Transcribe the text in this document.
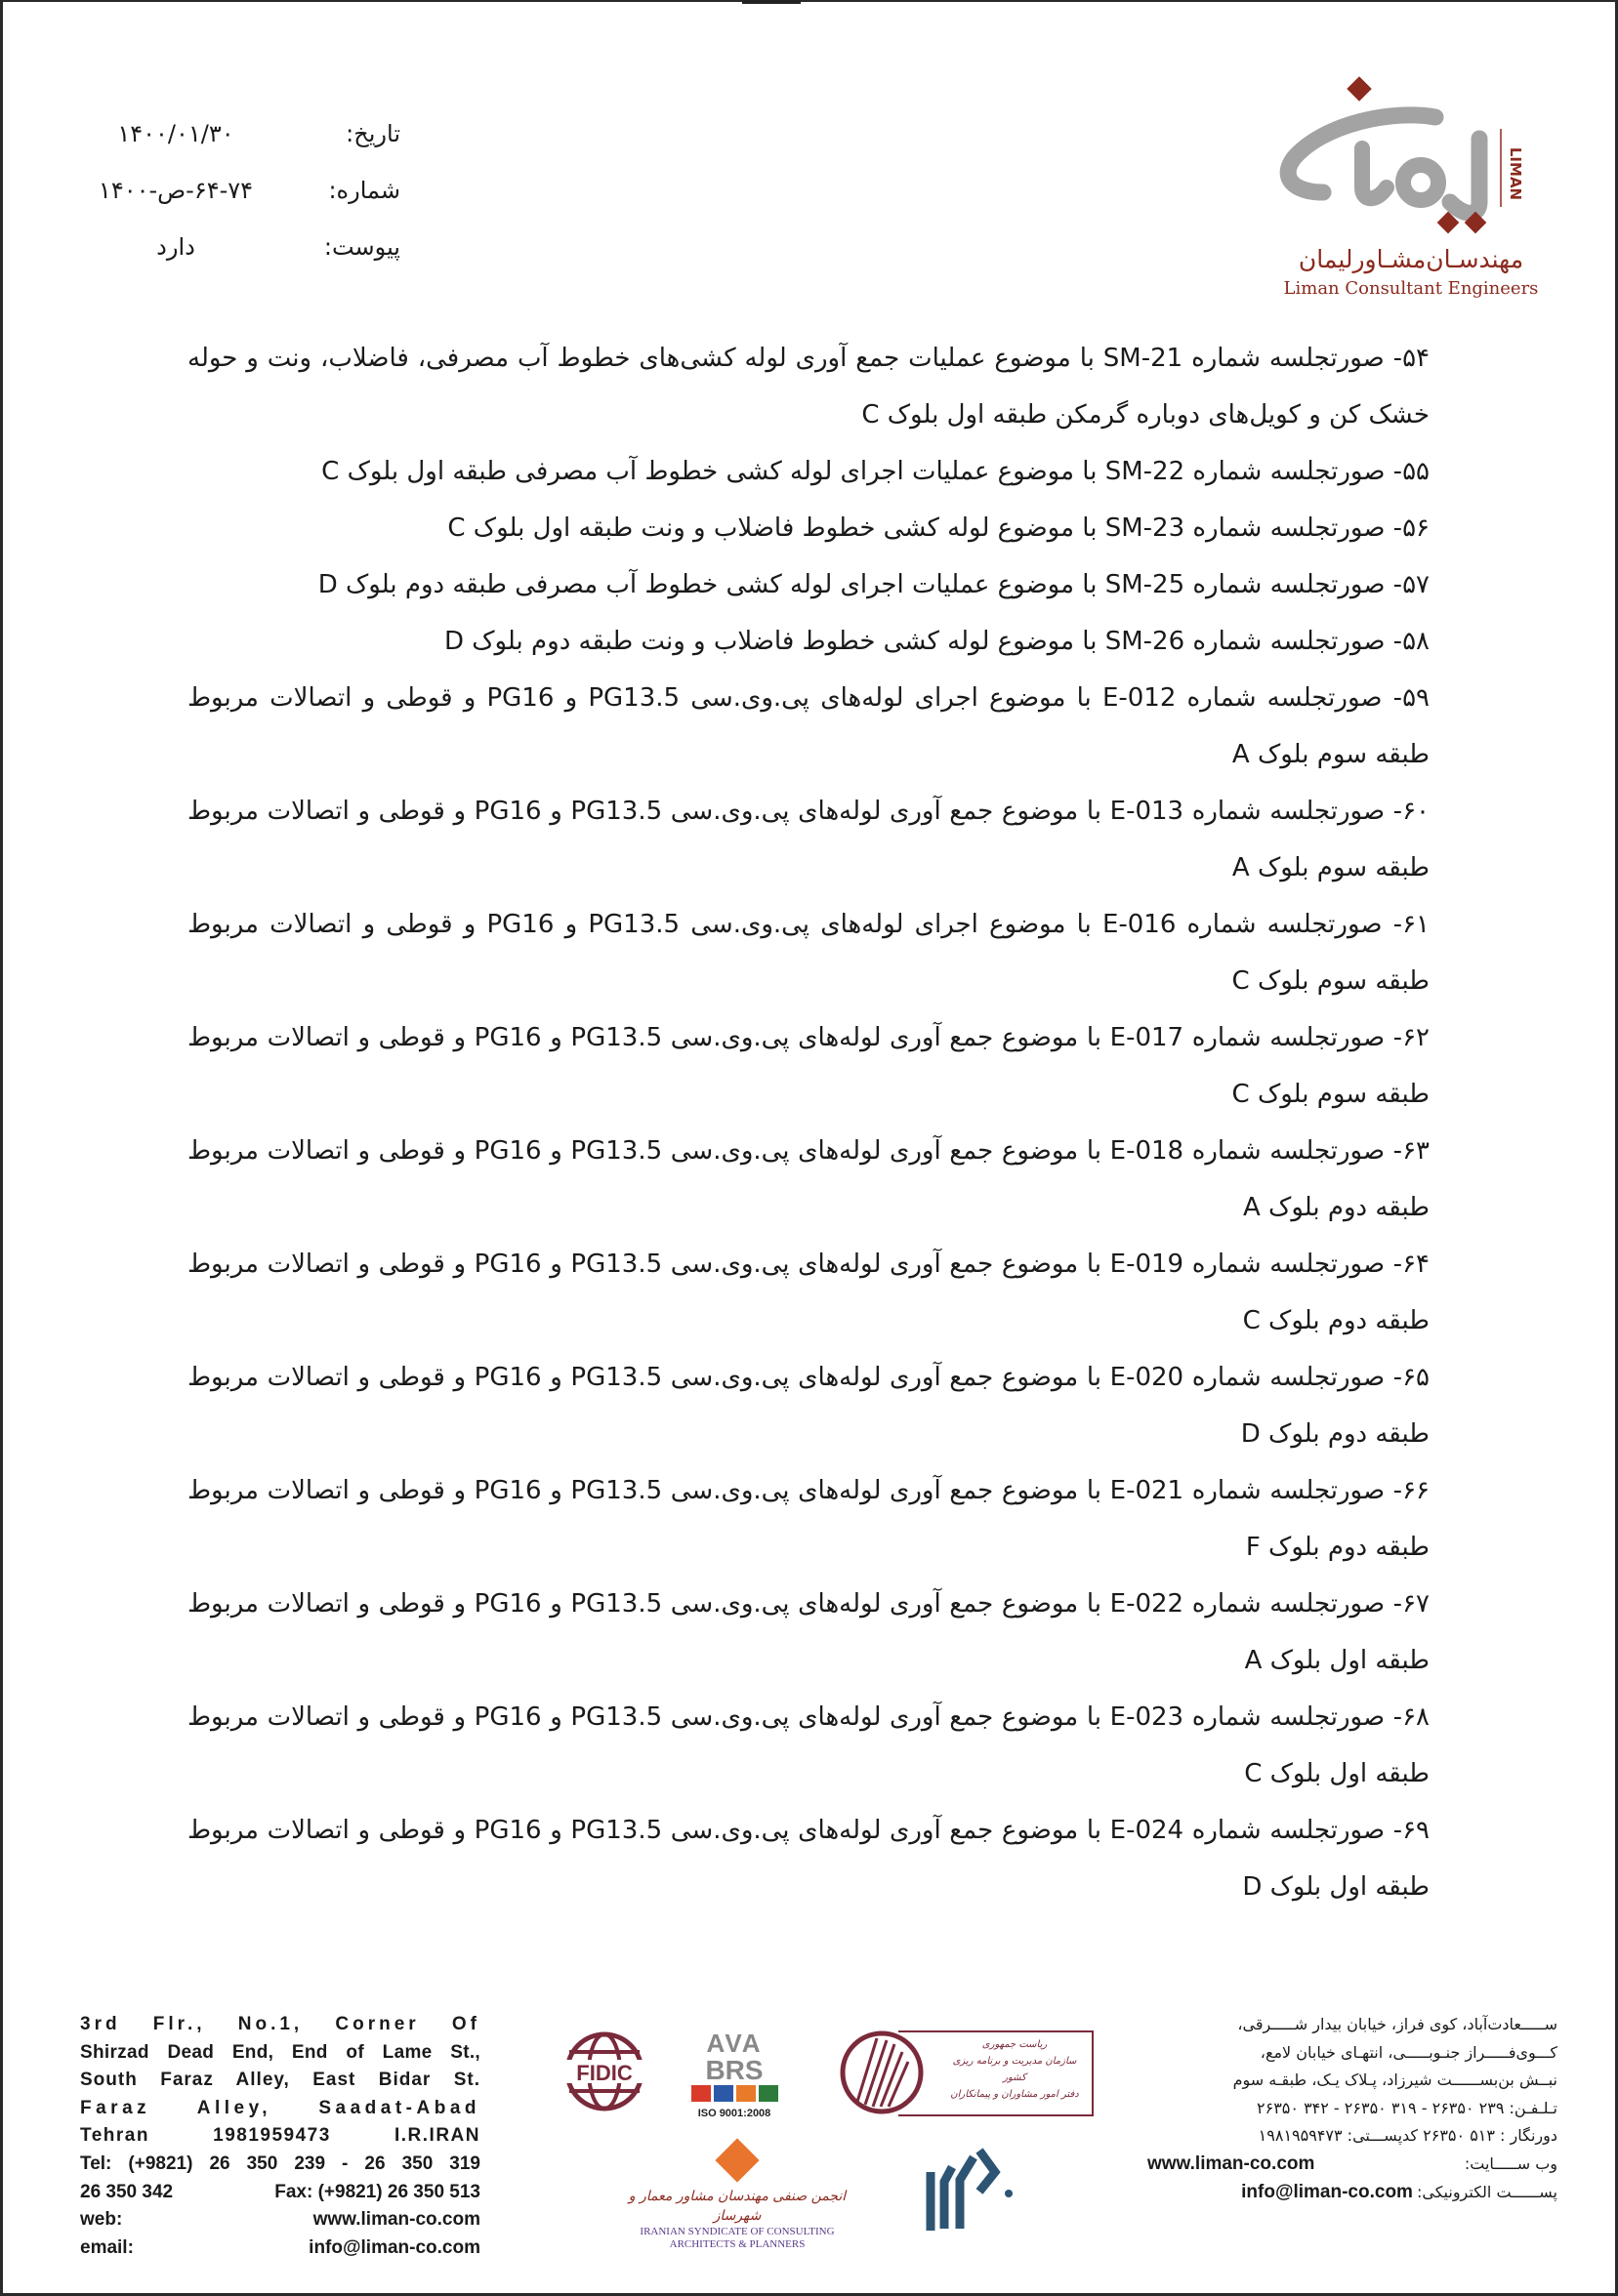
تاریخ:
۱۴۰۰/۰۱/۳۰
شماره:
۶۴-۷۴-ص-۱۴۰۰
پیوست:
دارد
LIMAN
مهندسـان‌مشـاورلیمان
Liman Consultant Engineers
۵۴- صورتجلسه شماره SM-21 با موضوع عملیات جمع آوری لوله کشی‌های خطوط آب مصرفی، فاضلاب، ونت و حوله خشک کن و کویل‌های دوباره گرمکن طبقه اول بلوک C
۵۵- صورتجلسه شماره SM-22 با موضوع عملیات اجرای لوله کشی خطوط آب مصرفی طبقه اول بلوک C
۵۶- صورتجلسه شماره SM-23 با موضوع لوله کشی خطوط فاضلاب و ونت طبقه اول بلوک C
۵۷- صورتجلسه شماره SM-25 با موضوع عملیات اجرای لوله کشی خطوط آب مصرفی طبقه دوم بلوک D
۵۸- صورتجلسه شماره SM-26 با موضوع لوله کشی خطوط فاضلاب و ونت طبقه دوم بلوک D
۵۹- صورتجلسه شماره E-012 با موضوع اجرای لوله‌های پی.وی.سی PG13.5 و PG16 و قوطی و اتصالات مربوط طبقه سوم بلوک A
۶۰- صورتجلسه شماره E-013 با موضوع جمع آوری لوله‌های پی.وی.سی PG13.5 و PG16 و قوطی و اتصالات مربوط طبقه سوم بلوک A
۶۱- صورتجلسه شماره E-016 با موضوع اجرای لوله‌های پی.وی.سی PG13.5 و PG16 و قوطی و اتصالات مربوط طبقه سوم بلوک C
۶۲- صورتجلسه شماره E-017 با موضوع جمع آوری لوله‌های پی.وی.سی PG13.5 و PG16 و قوطی و اتصالات مربوط طبقه سوم بلوک C
۶۳- صورتجلسه شماره E-018 با موضوع جمع آوری لوله‌های پی.وی.سی PG13.5 و PG16 و قوطی و اتصالات مربوط طبقه دوم بلوک A
۶۴- صورتجلسه شماره E-019 با موضوع جمع آوری لوله‌های پی.وی.سی PG13.5 و PG16 و قوطی و اتصالات مربوط طبقه دوم بلوک C
۶۵- صورتجلسه شماره E-020 با موضوع جمع آوری لوله‌های پی.وی.سی PG13.5 و PG16 و قوطی و اتصالات مربوط طبقه دوم بلوک D
۶۶- صورتجلسه شماره E-021 با موضوع جمع آوری لوله‌های پی.وی.سی PG13.5 و PG16 و قوطی و اتصالات مربوط طبقه دوم بلوک F
۶۷- صورتجلسه شماره E-022 با موضوع جمع آوری لوله‌های پی.وی.سی PG13.5 و PG16 و قوطی و اتصالات مربوط طبقه اول بلوک A
۶۸- صورتجلسه شماره E-023 با موضوع جمع آوری لوله‌های پی.وی.سی PG13.5 و PG16 و قوطی و اتصالات مربوط طبقه اول بلوک C
۶۹- صورتجلسه شماره E-024 با موضوع جمع آوری لوله‌های پی.وی.سی PG13.5 و PG16 و قوطی و اتصالات مربوط طبقه اول بلوک D
3rd Flr., No.1, Corner Of
Shirzad Dead End, End of Lame St.,
South Faraz Alley, East Bidar St.
Faraz Alley, Saadat-Abad
Tehran 1981959473 I.R.IRAN
Tel: (+9821) 26 350 239 - 26 350 319
26 350 342	Fax: (+9821) 26 350 513
web:	www.liman-co.com
email:	info@liman-co.com
FIDIC
AVA
BRS
ISO 9001:2008
ریاست جمهوری
سازمان مدیریت و برنامه ریزی کشور
دفتر امور مشاوران و پیمانکاران
انجمن صنفی مهندسان مشاور معمار و شهرساز
IRANIAN SYNDICATE OF CONSULTING
ARCHITECTS & PLANNERS
ســـــعادت‌آباد، کوی فراز، خیابان بیدار شـــــرقی،
کـــوی‌فـــــراز جنـوبـــــی، انتهـای خیابان لامع،
نبــش بن‌بســــــت شیرزاد، پـلاک یـک، طبقـه سوم
تـلـفـن: ۲۳۹ ۲۶۳۵۰ - ۳۱۹ ۲۶۳۵۰ - ۳۴۲ ۲۶۳۵۰
دورنگار : ۵۱۳ ۲۶۳۵۰ کدپســـتی: ۱۹۸۱۹۵۹۴۷۳
وب ســـــایت:
www.liman-co.com
پســــــت الکترونیکی:
info@liman-co.com
